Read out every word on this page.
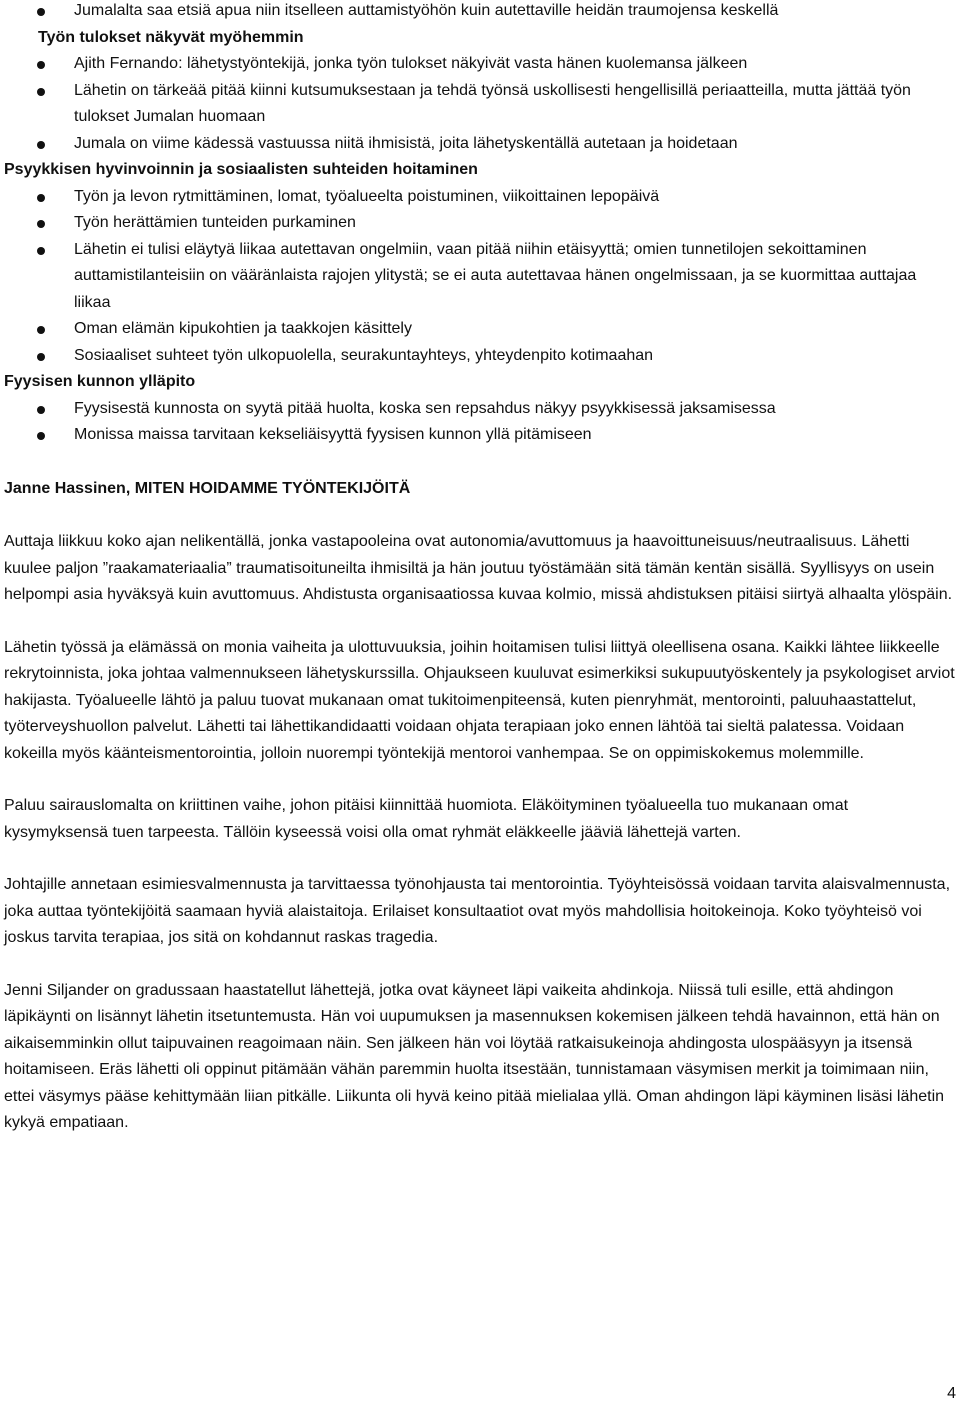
Jumalalta saa etsiä apua niin itselleen auttamistyöhön kuin autettaville heidän traumojensa keskellä

Työn tulokset näkyvät myöhemmin

Ajith Fernando: lähetystyöntekijä, jonka työn tulokset näkyivät vasta hänen kuolemansa jälkeen
Lähetin on tärkeää pitää kiinni kutsumuksestaan ja tehdä työnsä uskollisesti hengellisillä periaatteilla, mutta jättää työn tulokset Jumalan huomaan
Jumala on viime kädessä vastuussa niitä ihmisistä, joita lähetyskentällä autetaan ja hoidetaan

Psyykkisen hyvinvoinnin ja sosiaalisten suhteiden hoitaminen

Työn ja levon rytmittäminen, lomat, työalueelta poistuminen, viikoittainen lepopäivä
Työn herättämien tunteiden purkaminen
Lähetin ei tulisi eläytyä liikaa autettavan ongelmiin, vaan pitää niihin etäisyyttä; omien tunnetilojen sekoittaminen auttamistilanteisiin on vääränlaista rajojen ylitystä; se ei auta autettavaa hänen ongelmissaan, ja se kuormittaa auttajaa liikaa
Oman elämän kipukohtien ja taakkojen käsittely
Sosiaaliset suhteet työn ulkopuolella, seurakuntayhteys, yhteydenpito kotimaahan

Fyysisen kunnon ylläpito

Fyysisestä kunnosta on syytä pitää huolta, koska sen repsahdus näkyy psyykkisessä jaksamisessa
Monissa maissa tarvitaan kekseliäisyyttä fyysisen kunnon yllä pitämiseen

Janne Hassinen, MITEN HOIDAMME TYÖNTEKIJÖITÄ

Auttaja liikkuu koko ajan nelikentällä, jonka vastapooleina ovat autonomia/avuttomuus ja haavoittuneisuus/neutraalisuus. Lähetti kuulee paljon ”raakamateriaalia” traumatisoituneilta ihmisiltä ja hän joutuu työstämään sitä tämän kentän sisällä. Syyllisyys on usein helpompi asia hyväksyä kuin avuttomuus. Ahdistusta organisaatiossa kuvaa kolmio, missä ahdistuksen pitäisi siirtyä alhaalta ylöspäin.

Lähetin työssä ja elämässä on monia vaiheita ja ulottuvuuksia, joihin hoitamisen tulisi liittyä oleellisena osana. Kaikki lähtee liikkeelle rekrytoinnista, joka johtaa valmennukseen lähetyskurssilla. Ohjaukseen kuuluvat esimerkiksi sukupuutyöskentely ja psykologiset arviot hakijasta. Työalueelle lähtö ja paluu tuovat mukanaan omat tukitoimenpiteensä, kuten pienryhmät, mentorointi, paluuhaastattelut, työterveyshuollon palvelut. Lähetti tai lähettikandidaatti voidaan ohjata terapiaan joko ennen lähtöä tai sieltä palatessa. Voidaan kokeilla myös käänteismentorointia, jolloin nuorempi työntekijä mentoroi vanhempaa. Se on oppimiskokemus molemmille.

Paluu sairauslomalta on kriittinen vaihe, johon pitäisi kiinnittää huomiota. Eläköityminen työalueella tuo mukanaan omat kysymyksensä tuen tarpeesta. Tällöin kyseessä voisi olla omat ryhmät eläkkeelle jääviä lähettejä varten.

Johtajille annetaan esimiesvalmennusta ja tarvittaessa työnohjausta tai mentorointia. Työyhteisössä voidaan tarvita alaisvalmennusta, joka auttaa työntekijöitä saamaan hyviä alaistaitoja. Erilaiset konsultaatiot ovat myös mahdollisia hoitokeinoja. Koko työyhteisö voi joskus tarvita terapiaa, jos sitä on kohdannut raskas tragedia.

Jenni Siljander on gradussaan haastatellut lähettejä, jotka ovat käyneet läpi vaikeita ahdinkoja. Niissä tuli esille, että ahdingon läpikäynti on lisännyt lähetin itsetuntemusta. Hän voi uupumuksen ja masennuksen kokemisen jälkeen tehdä havainnon, että hän on aikaisemminkin ollut taipuvainen reagoimaan näin. Sen jälkeen hän voi löytää ratkaisukeinoja ahdingosta ulospääsyyn ja itsensä hoitamiseen. Eräs lähetti oli oppinut pitämään vähän paremmin huolta itsestään, tunnistamaan väsymisen merkit ja toimimaan niin, ettei väsymys pääse kehittymään liian pitkälle. Liikunta oli hyvä keino pitää mielialaa yllä. Oman ahdingon läpi käyminen lisäsi lähetin kykyä empatiaan.

4
